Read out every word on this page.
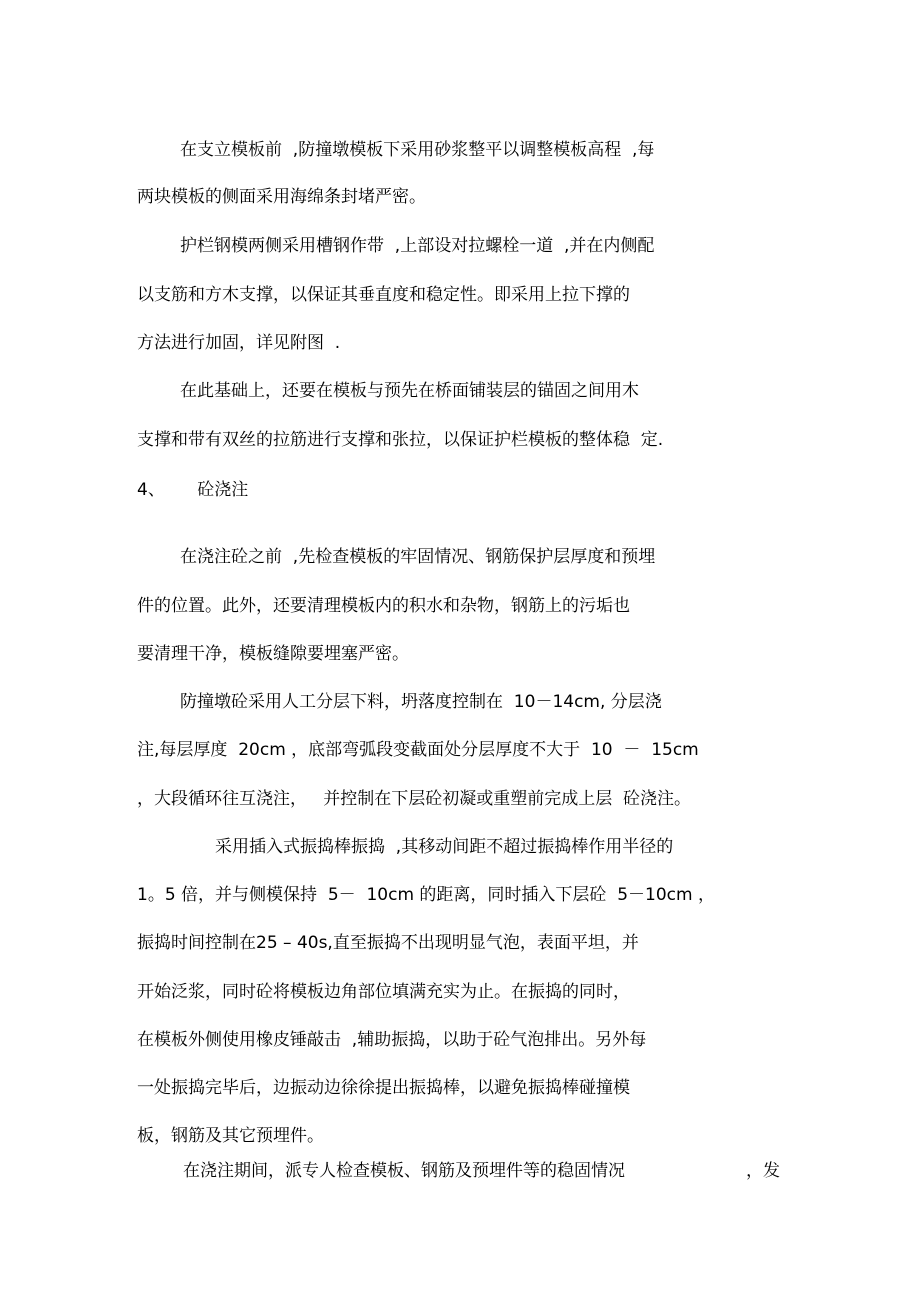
在支立模板前  ,防撞墩模板下采用砂浆整平以调整模板高程  ,每
两块模板的侧面采用海绵条封堵严密。
护栏钢模两侧采用槽钢作带  ,上部设对拉螺栓一道  ,并在内侧配
以支筋和方木支撑，以保证其垂直度和稳定性。即采用上拉下撑的
方法进行加固，详见附图  .
在此基础上，还要在模板与预先在桥面铺装层的锚固之间用木
支撑和带有双丝的拉筋进行支撑和张拉，以保证护栏模板的整体稳  定.
4、      砼浇注
在浇注砼之前  ,先检查模板的牢固情况、钢筋保护层厚度和预埋
件的位置。此外，还要清理模板内的积水和杂物，钢筋上的污垢也
要清理干净，模板缝隙要埋塞严密。
防撞墩砼采用人工分层下料，坍落度控制在  10－14cm, 分层浇
注,每层厚度  20cm ，底部弯弧段变截面处分层厚度不大于  10  －  15cm
，大段循环往互浇注，   并控制在下层砼初凝或重塑前完成上层  砼浇注。
采用插入式振捣棒振捣  ,其移动间距不超过振捣棒作用半径的
1。5 倍，并与侧模保持  5－  10cm 的距离，同时插入下层砼  5－10cm ，
振捣时间控制在25 – 40s,直至振捣不出现明显气泡，表面平坦，并
开始泛浆，同时砼将模板边角部位填满充实为止。在振捣的同时，
在模板外侧使用橡皮锤敲击  ,辅助振捣，以助于砼气泡排出。另外每
一处振捣完毕后，边振动边徐徐提出振捣棒，以避免振捣棒碰撞模
板，钢筋及其它预埋件。
在浇注期间，派专人检查模板、钢筋及预埋件等的稳固情况	，发
